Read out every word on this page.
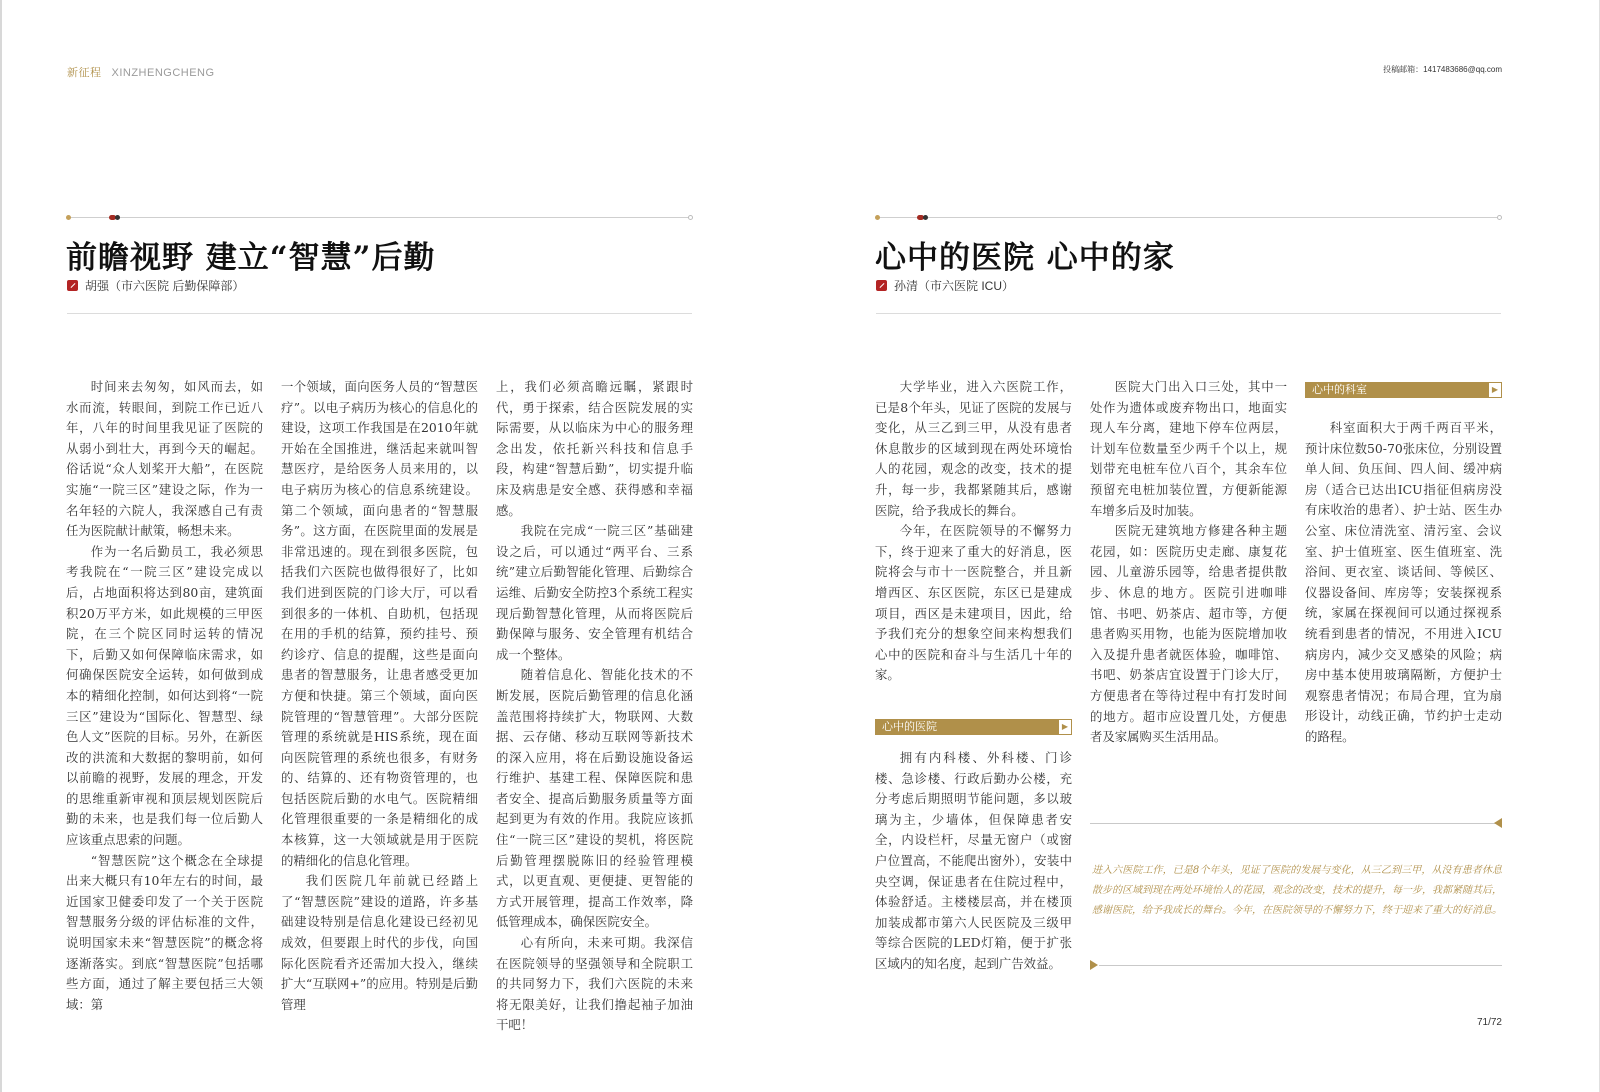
新征程 XINZHENGCHENG	投稿邮箱：1417483686@qq.com
前瞻视野 建立“智慧”后勤
胡强（市六医院 后勤保障部）

时间来去匆匆，如风而去，如水而流，转眼间，到院工作已近八年，八年的时间里我见证了医院的从弱小到壮大，再到今天的崛起。俗话说“众人划桨开大船”，在医院实施“一院三区”建设之际，作为一名年轻的六院人，我深感自己有责任为医院献计献策，畅想未来。

作为一名后勤员工，我必须思考我院在“一院三区”建设完成以后，占地面积将达到80亩，建筑面积20万平方米，如此规模的三甲医院，在三个院区同时运转的情况下，后勤又如何保障临床需求，如何确保医院安全运转，如何做到成本的精细化控制，如何达到将“一院三区”建设为“国际化、智慧型、绿色人文”医院的目标。另外，在新医改的洪流和大数据的黎明前，如何以前瞻的视野，发展的理念，开发的思维重新审视和顶层规划医院后勤的未来，也是我们每一位后勤人应该重点思索的问题。

“智慧医院”这个概念在全球提出来大概只有10年左右的时间，最近国家卫健委印发了一个关于医院智慧服务分级的评估标准的文件，说明国家未来“智慧医院”的概念将逐渐落实。到底“智慧医院”包括哪些方面，通过了解主要包括三大领域：第

一个领域，面向医务人员的“智慧医疗”。以电子病历为核心的信息化的建设，这项工作我国是在2010年就开始在全国推进，继活起来就叫智慧医疗，是给医务人员来用的，以电子病历为核心的信息系统建设。第二个领域，面向患者的“智慧服务”。这方面，在医院里面的发展是非常迅速的。现在到很多医院，包括我们六医院也做得很好了，比如我们进到医院的门诊大厅，可以看到很多的一体机、自助机，包括现在用的手机的结算，预约挂号、预约诊疗、信息的提醒，这些是面向患者的智慧服务，让患者感受更加方便和快捷。第三个领域，面向医院管理的“智慧管理”。大部分医院管理的系统就是HIS系统，现在面向医院管理的系统也很多，有财务的、结算的、还有物资管理的，也包括医院后勤的水电气。医院精细化管理很重要的一条是精细化的成本核算，这一大领域就是用于医院的精细化的信息化管理。

我们医院几年前就已经踏上了“智慧医院”建设的道路，许多基础建设特别是信息化建设已经初见成效，但要跟上时代的步伐，向国际化医院看齐还需加大投入，继续扩大“互联网+”的应用。特别是后勤管理

上，我们必须高瞻远瞩，紧跟时代，勇于探索，结合医院发展的实际需要，从以临床为中心的服务理念出发，依托新兴科技和信息手段，构建“智慧后勤”，切实提升临床及病患是安全感、获得感和幸福感。

我院在完成“一院三区”基础建设之后，可以通过“两平台、三系统”建立后勤智能化管理、后勤综合运维、后勤安全防控3个系统工程实现后勤智慧化管理，从而将医院后勤保障与服务、安全管理有机结合成一个整体。

随着信息化、智能化技术的不断发展，医院后勤管理的信息化涵盖范围将持续扩大，物联网、大数据、云存储、移动互联网等新技术的深入应用，将在后勤设施设备运行维护、基建工程、保障医院和患者安全、提高后勤服务质量等方面起到更为有效的作用。我院应该抓住“一院三区”建设的契机，将医院后勤管理摆脱陈旧的经验管理模式，以更直观、更便捷、更智能的方式开展管理，提高工作效率，降低管理成本，确保医院安全。

心有所向，未来可期。我深信在医院领导的坚强领导和全院职工的共同努力下，我们六医院的未来将无限美好，让我们撸起袖子加油干吧！

心中的医院 心中的家
孙清（市六医院 ICU）

大学毕业，进入六医院工作，已是8个年头，见证了医院的发展与变化，从三乙到三甲，从没有患者休息散步的区域到现在两处环境怡人的花园，观念的改变，技术的提升，每一步，我都紧随其后，感谢医院，给予我成长的舞台。

今年，在医院领导的不懈努力下，终于迎来了重大的好消息，医院将会与市十一医院整合，并且新增西区、东区医院，东区已是建成项目，西区是未建项目，因此，给予我们充分的想象空间来构想我们心中的医院和奋斗与生活几十年的家。

心中的医院	▶

拥有内科楼、外科楼、门诊楼、急诊楼、行政后勤办公楼，充分考虑后期照明节能问题，多以玻璃为主，少墙体，但保障患者安全，内设栏杆，尽量无窗户（或窗户位置高，不能爬出窗外），安装中央空调，保证患者在住院过程中，体验舒适。主楼楼层高，并在楼顶加装成都市第六人民医院及三级甲等综合医院的LED灯箱，便于扩张区域内的知名度，起到广告效益。

医院大门出入口三处，其中一处作为遗体或废弃物出口，地面实现人车分离，建地下停车位两层，计划车位数量至少两千个以上，规划带充电桩车位八百个，其余车位预留充电桩加装位置，方便新能源车增多后及时加装。

医院无建筑地方修建各种主题花园，如：医院历史走廊、康复花园、儿童游乐园等，给患者提供散步、休息的地方。医院引进咖啡馆、书吧、奶茶店、超市等，方便患者购买用物，也能为医院增加收入及提升患者就医体验，咖啡馆、书吧、奶茶店宜设置于门诊大厅，方便患者在等待过程中有打发时间的地方。超市应设置几处，方便患者及家属购买生活用品。

心中的科室	▶

科室面积大于两千两百平米，预计床位数50-70张床位，分别设置单人间、负压间、四人间、缓冲病房（适合已达出ICU指征但病房没有床收治的患者）、护士站、医生办公室、床位清洗室、清污室、会议室、护士值班室、医生值班室、洗浴间、更衣室、谈话间、等候区、仪器设备间、库房等；安装探视系统，家属在探视间可以通过探视系统看到患者的情况，不用进入ICU病房内，减少交叉感染的风险；病房中基本使用玻璃隔断，方便护士观察患者情况；布局合理，宜为扇形设计，动线正确，节约护士走动的路程。

进入六医院工作，已是8个年头，见证了医院的发展与变化，从三乙到三甲，从没有患者休息散步的区域到现在两处环境怡人的花园，观念的改变，技术的提升，每一步，我都紧随其后，感谢医院，给予我成长的舞台。今年，在医院领导的不懈努力下，终于迎来了重大的好消息。
71/72
